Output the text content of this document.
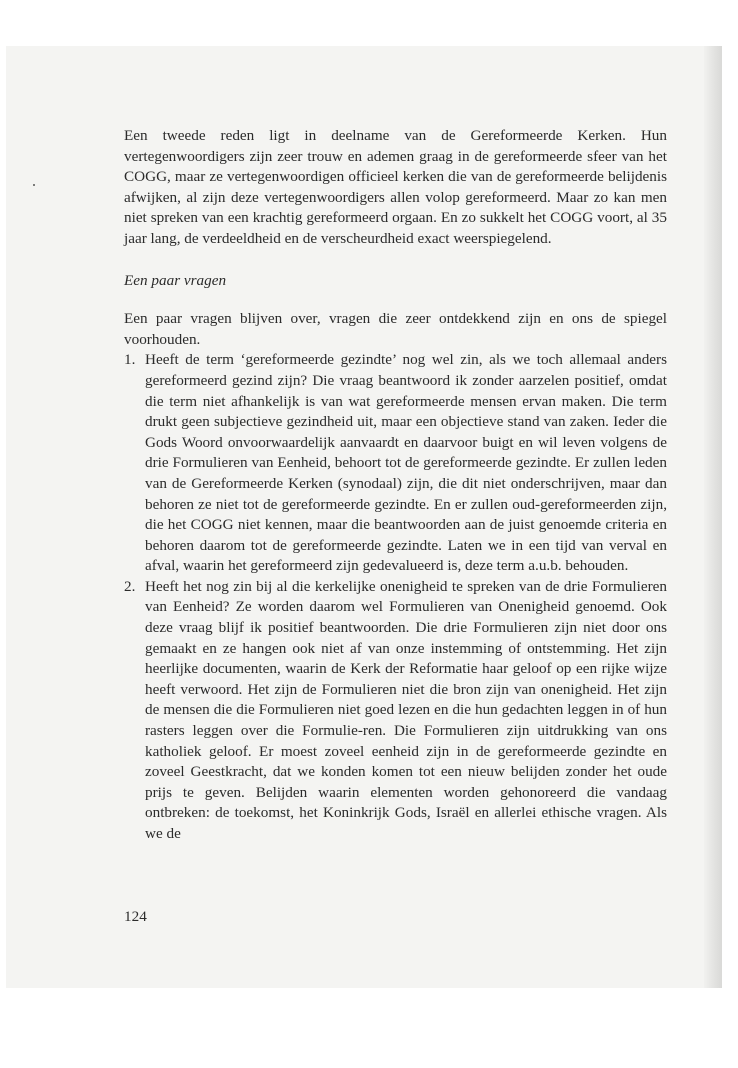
Een tweede reden ligt in deelname van de Gereformeerde Kerken. Hun vertegenwoordigers zijn zeer trouw en ademen graag in de gereformeerde sfeer van het COGG, maar ze vertegenwoordigen officieel kerken die van de gereformeerde belijdenis afwijken, al zijn deze vertegenwoordigers allen volop gereformeerd. Maar zo kan men niet spreken van een krachtig gereformeerd orgaan. En zo sukkelt het COGG voort, al 35 jaar lang, de verdeeldheid en de verscheurdheid exact weerspiegelend.

Een paar vragen

Een paar vragen blijven over, vragen die zeer ontdekkend zijn en ons de spiegel voorhouden.

1. Heeft de term ‘gereformeerde gezindte’ nog wel zin, als we toch allemaal anders gereformeerd gezind zijn? Die vraag beantwoord ik zonder aarzelen positief, omdat die term niet afhankelijk is van wat gereformeerde mensen ervan maken. Die term drukt geen subjectieve gezindheid uit, maar een objectieve stand van zaken. Ieder die Gods Woord onvoorwaardelijk aanvaardt en daarvoor buigt en wil leven volgens de drie Formulieren van Eenheid, behoort tot de gereformeerde gezindte. Er zullen leden van de Gereformeerde Kerken (synodaal) zijn, die dit niet onderschrijven, maar dan behoren ze niet tot de gereformeerde gezindte. En er zullen oud-gereformeerden zijn, die het COGG niet kennen, maar die beantwoorden aan de juist genoemde criteria en behoren daarom tot de gereformeerde gezindte. Laten we in een tijd van verval en afval, waarin het gereformeerd zijn gedevalueerd is, deze term a.u.b. behouden.
2. Heeft het nog zin bij al die kerkelijke onenigheid te spreken van de drie Formulieren van Eenheid? Ze worden daarom wel Formulieren van Onenigheid genoemd. Ook deze vraag blijf ik positief beantwoorden. Die drie Formulieren zijn niet door ons gemaakt en ze hangen ook niet af van onze instemming of ontstemming. Het zijn heerlijke documenten, waarin de Kerk der Reformatie haar geloof op een rijke wijze heeft verwoord. Het zijn de Formulieren niet die bron zijn van onenigheid. Het zijn de mensen die die Formulieren niet goed lezen en die hun gedachten leggen in of hun rasters leggen over die Formulie-ren. Die Formulieren zijn uitdrukking van ons katholiek geloof. Er moest zoveel eenheid zijn in de gereformeerde gezindte en zoveel Geestkracht, dat we konden komen tot een nieuw belijden zonder het oude prijs te geven. Belijden waarin elementen worden gehonoreerd die vandaag ontbreken: de toekomst, het Koninkrijk Gods, Israël en allerlei ethische vragen. Als we de
124
